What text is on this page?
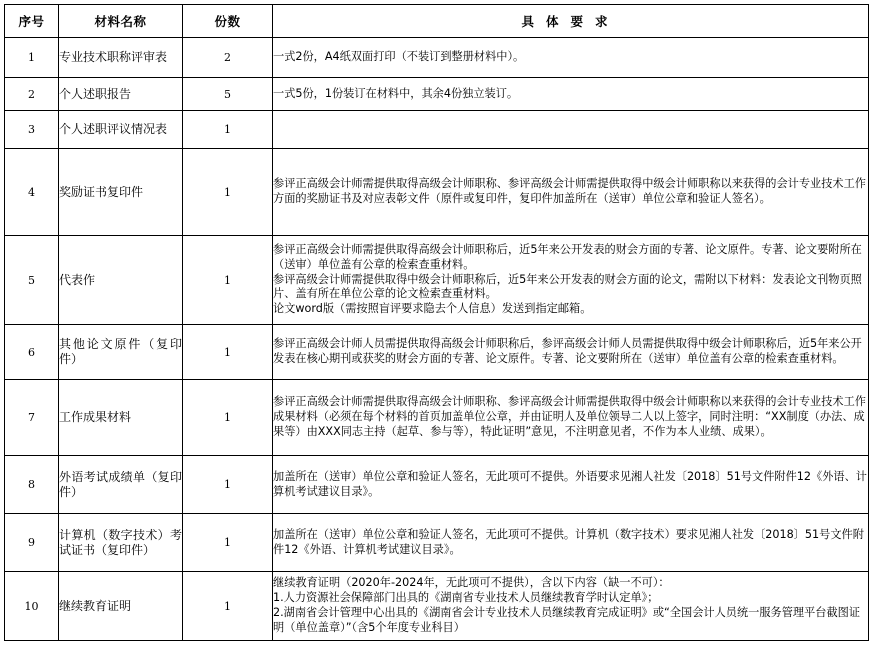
序号	材料名称	份数	具体要求
1	专业技术职称评审表	2	一式2份，A4纸双面打印（不装订到整册材料中）。

2	个人述职报告	5	一式5份，1份装订在材料中，其余4份独立装订。

3	个人述职评议情况表	1	
4	奖励证书复印件	1	参评正高级会计师需提供取得高级会计师职称、参评高级会计师需提供取得中级会计师职称以来获得的会计专业技术工作方面的奖励证书及对应表彰文件（原件或复印件，复印件加盖所在（送审）单位公章和验证人签名）。

5	代表作	1	参评正高级会计师需提供取得高级会计师职称后，近5年来公开发表的财会方面的专著、论文原件。专著、论文要附所在（送审）单位盖有公章的检索查重材料。
参评高级会计师需提供取得中级会计师职称后，近5年来公开发表的财会方面的论文，需附以下材料：发表论文刊物页照片、盖有所在单位公章的论文检索查重材料。
论文word版（需按照盲评要求隐去个人信息）发送到指定邮箱。

6	其他论文原件（复印件）	1	参评正高级会计师人员需提供取得高级会计师职称后，参评高级会计师人员需提供取得中级会计师职称后，近5年来公开发表在核心期刊或获奖的财会方面的专著、论文原件。专著、论文要附所在（送审）单位盖有公章的检索查重材料。

7	工作成果材料	1	参评正高级会计师需提供取得高级会计师职称、参评高级会计师需提供取得中级会计师职称以来获得的会计专业技术工作成果材料（必须在每个材料的首页加盖单位公章，并由证明人及单位领导二人以上签字，同时注明：“XX制度（办法、成果等）由XXX同志主持（起草、参与等），特此证明”意见，不注明意见者，不作为本人业绩、成果）。

8	外语考试成绩单（复印件）	1	加盖所在（送审）单位公章和验证人签名，无此项可不提供。外语要求见湘人社发〔2018〕51号文件附件12《外语、计算机考试建议目录》。

9	计算机（数字技术）考试证书（复印件）	1	加盖所在（送审）单位公章和验证人签名，无此项可不提供。计算机（数字技术）要求见湘人社发〔2018〕51号文件附件12《外语、计算机考试建议目录》。

10	继续教育证明	1	继续教育证明（2020年-2024年，无此项可不提供），含以下内容（缺一不可）：
1.人力资源社会保障部门出具的《湖南省专业技术人员继续教育学时认定单》；
2.湖南省会计管理中心出具的《湖南省会计专业技术人员继续教育完成证明》或“全国会计人员统一服务管理平台截图证明（单位盖章）”（含5个年度专业科目）
